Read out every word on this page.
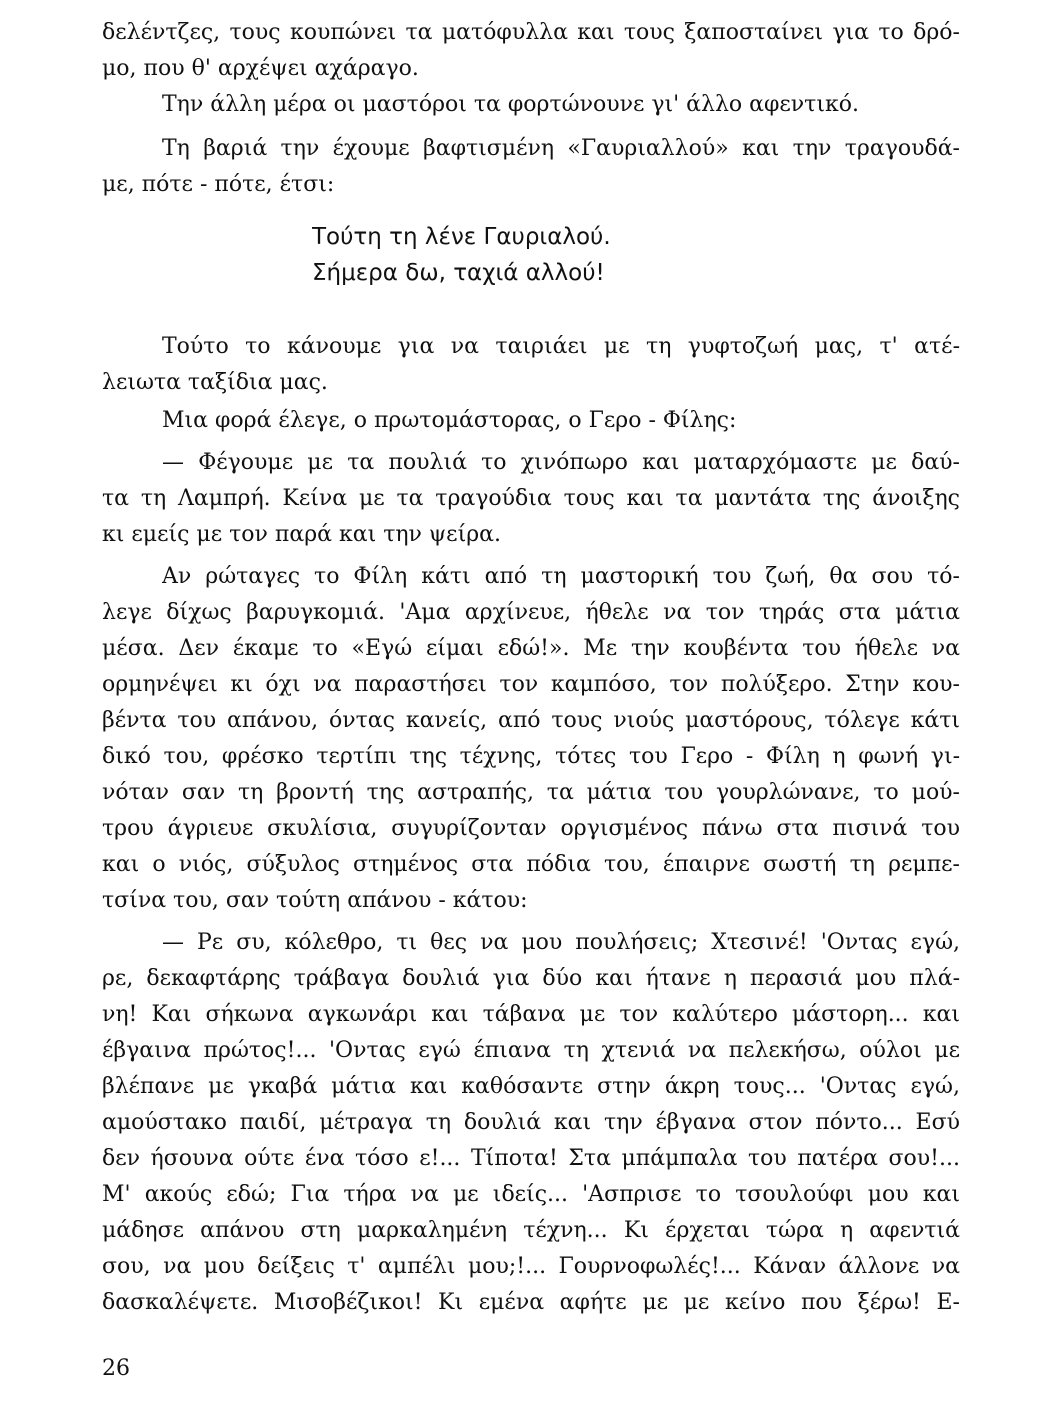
δελέντζες, τους κουπώνει τα ματόφυλλα και τους ξαποσταίνει για το δρό-
μο, που θ' αρχέψει αχάραγο.
Την άλλη μέρα οι μαστόροι τα φορτώνουνε γι' άλλο αφεντικό.
Τη βαριά την έχουμε βαφτισμένη «Γαυριαλλού» και την τραγουδά-
με, πότε - πότε, έτσι:
Τούτη τη λένε Γαυριαλού.
Σήμερα δω, ταχιά αλλού!
Τούτο το κάνουμε για να ταιριάει με τη γυφτοζωή μας, τ' ατέ-
λειωτα ταξίδια μας.
Μια φορά έλεγε, ο πρωτομάστορας, ο Γερο - Φίλης:
— Φέγουμε με τα πουλιά το χινόπωρο και ματαρχόμαστε με δαύ-
τα τη Λαμπρή. Κείνα με τα τραγούδια τους και τα μαντάτα της άνοιξης
κι εμείς με τον παρά και την ψείρα.
Αν ρώταγες το Φίλη κάτι από τη μαστορική του ζωή, θα σου τό-
λεγε δίχως βαρυγκομιά. 'Αμα αρχίνευε, ήθελε να τον τηράς στα μάτια
μέσα. Δεν έκαμε το «Εγώ είμαι εδώ!». Με την κουβέντα του ήθελε να
ορμηνέψει κι όχι να παραστήσει τον καμπόσο, τον πολύξερο. Στην κου-
βέντα του απάνου, όντας κανείς, από τους νιούς μαστόρους, τόλεγε κάτι
δικό του, φρέσκο τερτίπι της τέχνης, τότες του Γερο - Φίλη η φωνή γι-
νόταν σαν τη βροντή της αστραπής, τα μάτια του γουρλώνανε, το μού-
τρου άγριευε σκυλίσια, συγυρίζονταν οργισμένος πάνω στα πισινά του
και ο νιός, σύξυλος στημένος στα πόδια του, έπαιρνε σωστή τη ρεμπε-
τσίνα του, σαν τούτη απάνου - κάτου:
— Ρε συ, κόλεθρο, τι θες να μου πουλήσεις; Χτεσινέ! 'Οντας εγώ,
ρε, δεκαφτάρης τράβαγα δουλιά για δύο και ήτανε η περασιά μου πλά-
νη! Και σήκωνα αγκωνάρι και τάβανα με τον καλύτερο μάστορη... και
έβγαινα πρώτος!... 'Οντας εγώ έπιανα τη χτενιά να πελεκήσω, ούλοι με
βλέπανε με γκαβά μάτια και καθόσαντε στην άκρη τους... 'Οντας εγώ,
αμούστακο παιδί, μέτραγα τη δουλιά και την έβγανα στον πόντο... Εσύ
δεν ήσουνα ούτε ένα τόσο ε!... Τίποτα! Στα μπάμπαλα του πατέρα σου!...
Μ' ακούς εδώ; Για τήρα να με ιδείς... 'Ασπρισε το τσουλούφι μου και
μάδησε απάνου στη μαρκαλημένη τέχνη... Κι έρχεται τώρα η αφεντιά
σου, να μου δείξεις τ' αμπέλι μου;!... Γουρνοφωλές!... Κάναν άλλονε να
δασκαλέψετε. Μισοβέζικοι! Κι εμένα αφήτε με με κείνο που ξέρω! Ε-
26
